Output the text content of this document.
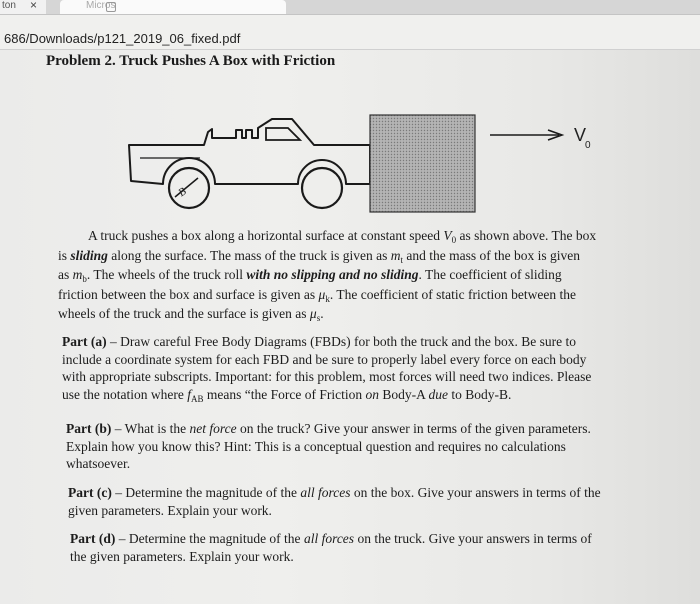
ton ×	Micros
686/Downloads/p121_2019_06_fixed.pdf
Problem 2. Truck Pushes A Box with Friction
B
$V_0$
A truck pushes a box along a horizontal surface at constant speed $V_0$ as shown above. The box
is sliding along the surface. The mass of the truck is given as $m_t$ and the mass of the box is given
as $m_b$. The wheels of the truck roll with no slipping and no sliding. The coefficient of sliding
friction between the box and surface is given as $\mu_k$. The coefficient of static friction between the
wheels of the truck and the surface is given as $\mu_s$.
Part (a) – Draw careful Free Body Diagrams (FBDs) for both the truck and the box. Be sure to
include a coordinate system for each FBD and be sure to properly label every force on each body
with appropriate subscripts. Important: for this problem, most forces will need two indices. Please
use the notation where $f_{AB}$ means “the Force of Friction on Body-A due to Body-B.
Part (b) – What is the net force on the truck? Give your answer in terms of the given parameters.
Explain how you know this? Hint: This is a conceptual question and requires no calculations
whatsoever.
Part (c) – Determine the magnitude of the all forces on the box. Give your answers in terms of the
given parameters. Explain your work.
Part (d) – Determine the magnitude of the all forces on the truck. Give your answers in terms of
the given parameters. Explain your work.
